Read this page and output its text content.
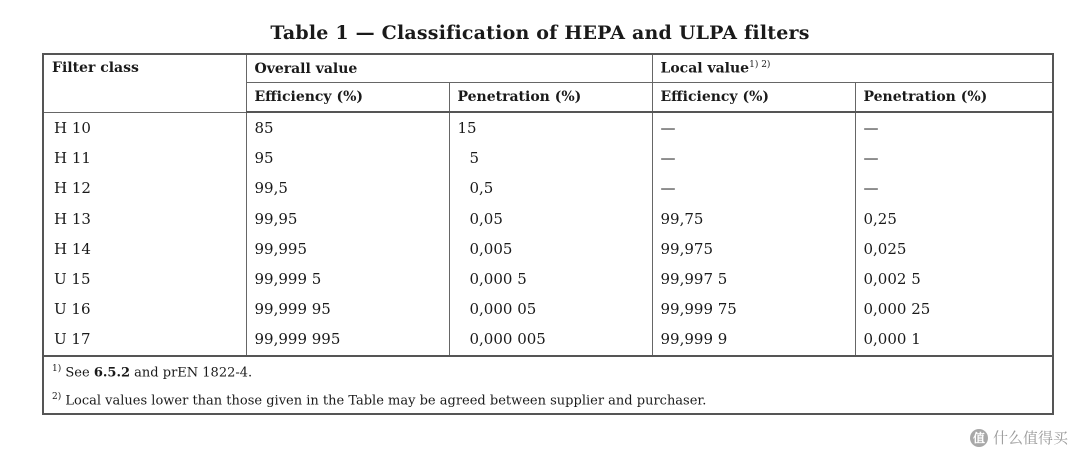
Table 1 — Classification of HEPA and ULPA filters
Filter class	Overall value		Local value$^{1) 2)}$
	Efficiency (%)	Penetration (%)	Efficiency (%)	Penetration (%)
H 10	85	15	—	—
H 11	95	5	—	—
H 12	99,5	0,5	—	—
H 13	99,95	0,05	99,75	0,25
H 14	99,995	0,005	99,975	0,025
U 15	99,999 5	0,000 5	99,997 5	0,002 5
U 16	99,999 95	0,000 05	99,999 75	0,000 25
U 17	99,999 995	0,000 005	99,999 9	0,000 1

$^{1)}$ See 6.5.2 and prEN 1822-4.
$^{2)}$ Local values lower than those given in the Table may be agreed between supplier and purchaser.				
值 什么值得买
